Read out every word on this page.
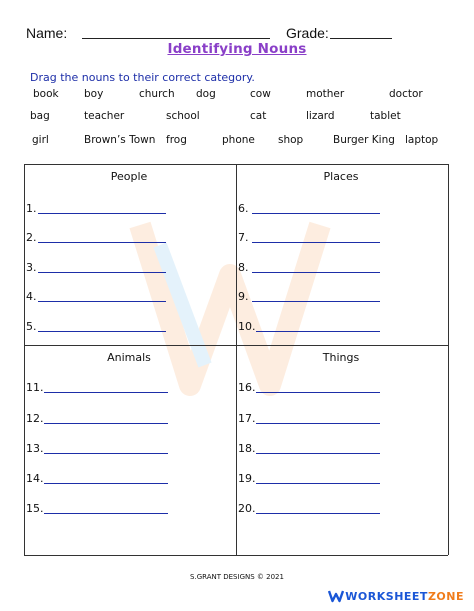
Name:	Grade:
Identifying Nouns
Drag the nouns to their correct category.
book boy	church dog	cow	mother	doctor
bag	teacher	school	cat	lizard	tablet
girl	Brown’s Town frog	phone shop	Burger King laptop
People
1.
2.
3.
4.
5.
Places
6.
7.
8.
9.
10.
Animals
11.
12.
13.
14.
15.
Things
16.
17.
18.
19.
20.
S.GRANT DESIGNS © 2021
WORKSHEETZONE
